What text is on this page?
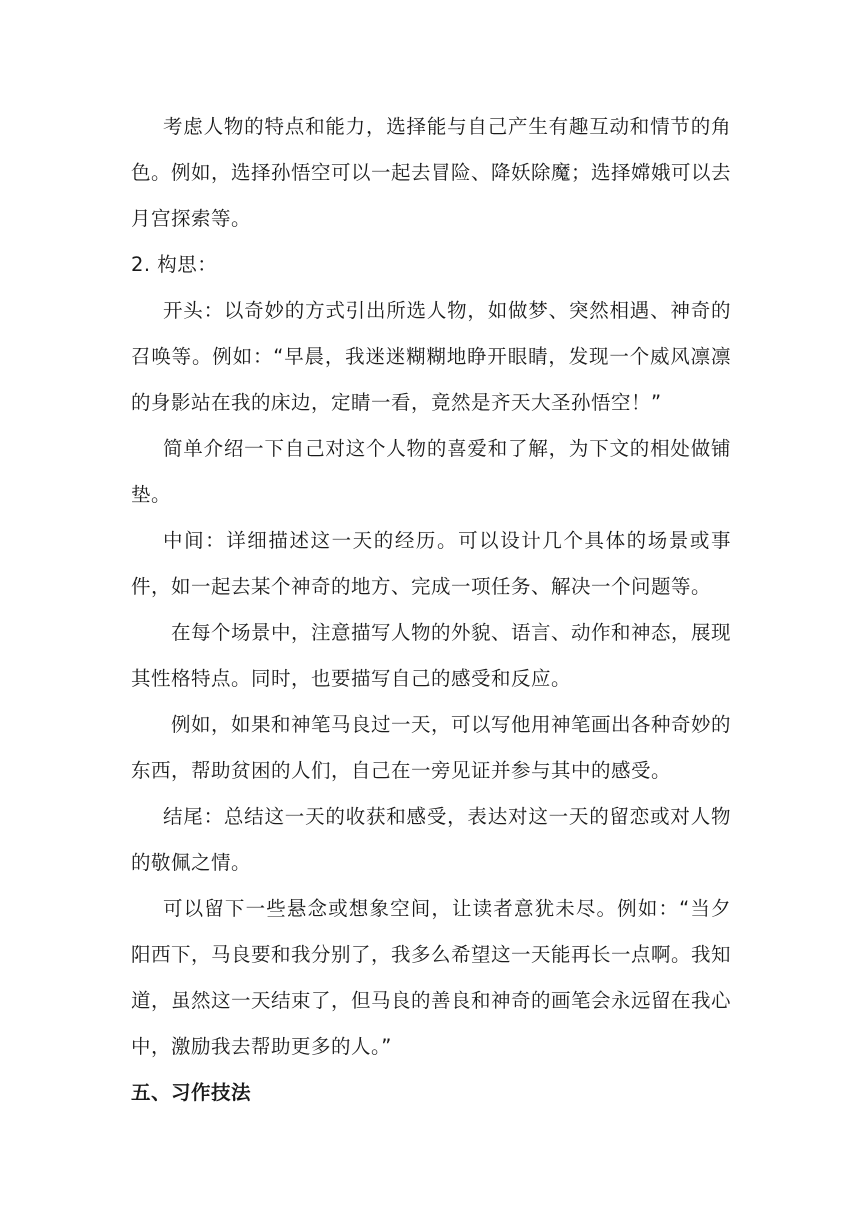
考虑人物的特点和能力，选择能与自己产生有趣互动和情节的角色。例如，选择孙悟空可以一起去冒险、降妖除魔；选择嫦娥可以去月宫探索等。

2. 构思：

开头：以奇妙的方式引出所选人物，如做梦、突然相遇、神奇的召唤等。例如：“早晨，我迷迷糊糊地睁开眼睛，发现一个威风凛凛的身影站在我的床边，定睛一看，竟然是齐天大圣孙悟空！”

简单介绍一下自己对这个人物的喜爱和了解，为下文的相处做铺垫。

中间：详细描述这一天的经历。可以设计几个具体的场景或事件，如一起去某个神奇的地方、完成一项任务、解决一个问题等。

在每个场景中，注意描写人物的外貌、语言、动作和神态，展现其性格特点。同时，也要描写自己的感受和反应。

例如，如果和神笔马良过一天，可以写他用神笔画出各种奇妙的东西，帮助贫困的人们，自己在一旁见证并参与其中的感受。

结尾：总结这一天的收获和感受，表达对这一天的留恋或对人物的敬佩之情。

可以留下一些悬念或想象空间，让读者意犹未尽。例如：“当夕阳西下，马良要和我分别了，我多么希望这一天能再长一点啊。我知道，虽然这一天结束了，但马良的善良和神奇的画笔会永远留在我心中，激励我去帮助更多的人。”

五、习作技法
